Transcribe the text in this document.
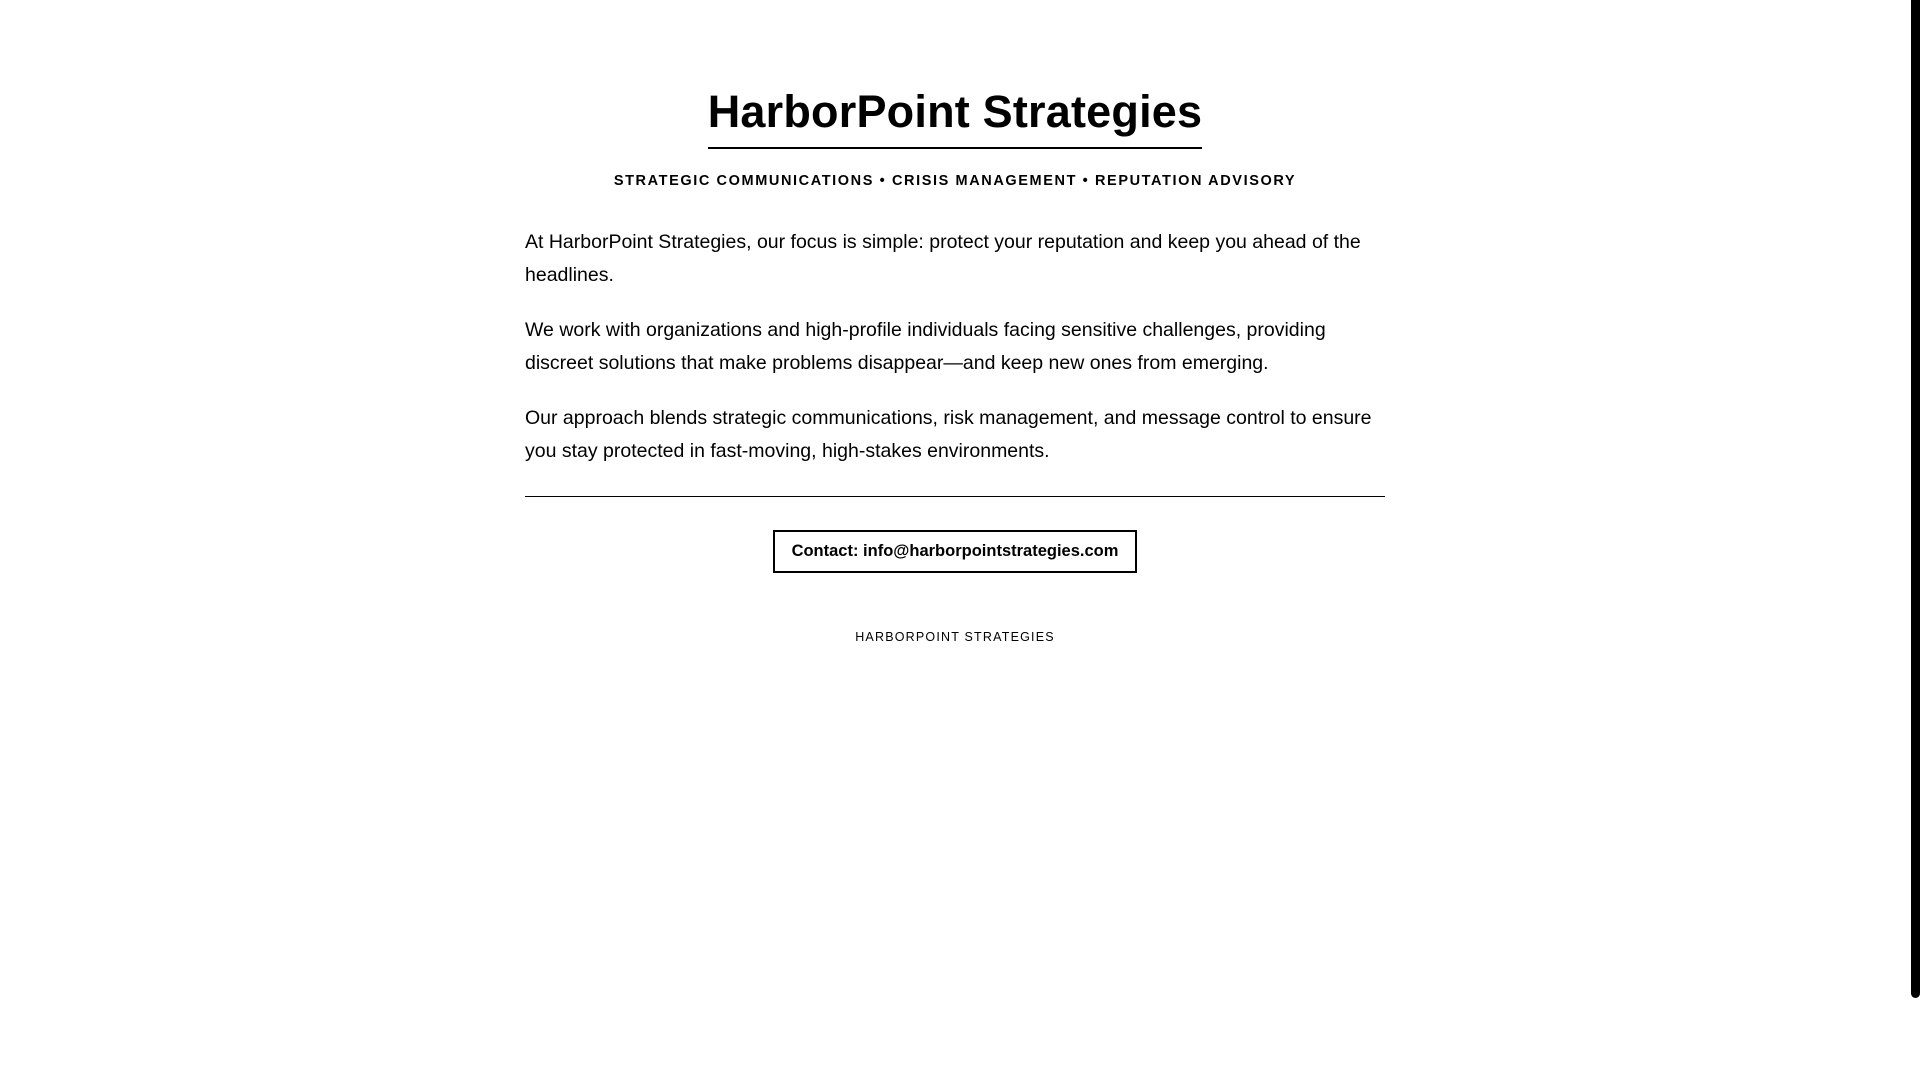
HarborPoint Strategies
STRATEGIC COMMUNICATIONS • CRISIS MANAGEMENT • REPUTATION ADVISORY

At HarborPoint Strategies, our focus is simple: protect your reputation and keep you ahead of the headlines.

We work with organizations and high-profile individuals facing sensitive challenges, providing discreet solutions that make problems disappear—and keep new ones from emerging.

Our approach blends strategic communications, risk management, and message control to ensure you stay protected in fast-moving, high-stakes environments.

Contact: info@harborpointstrategies.com
HARBORPOINT STRATEGIES
